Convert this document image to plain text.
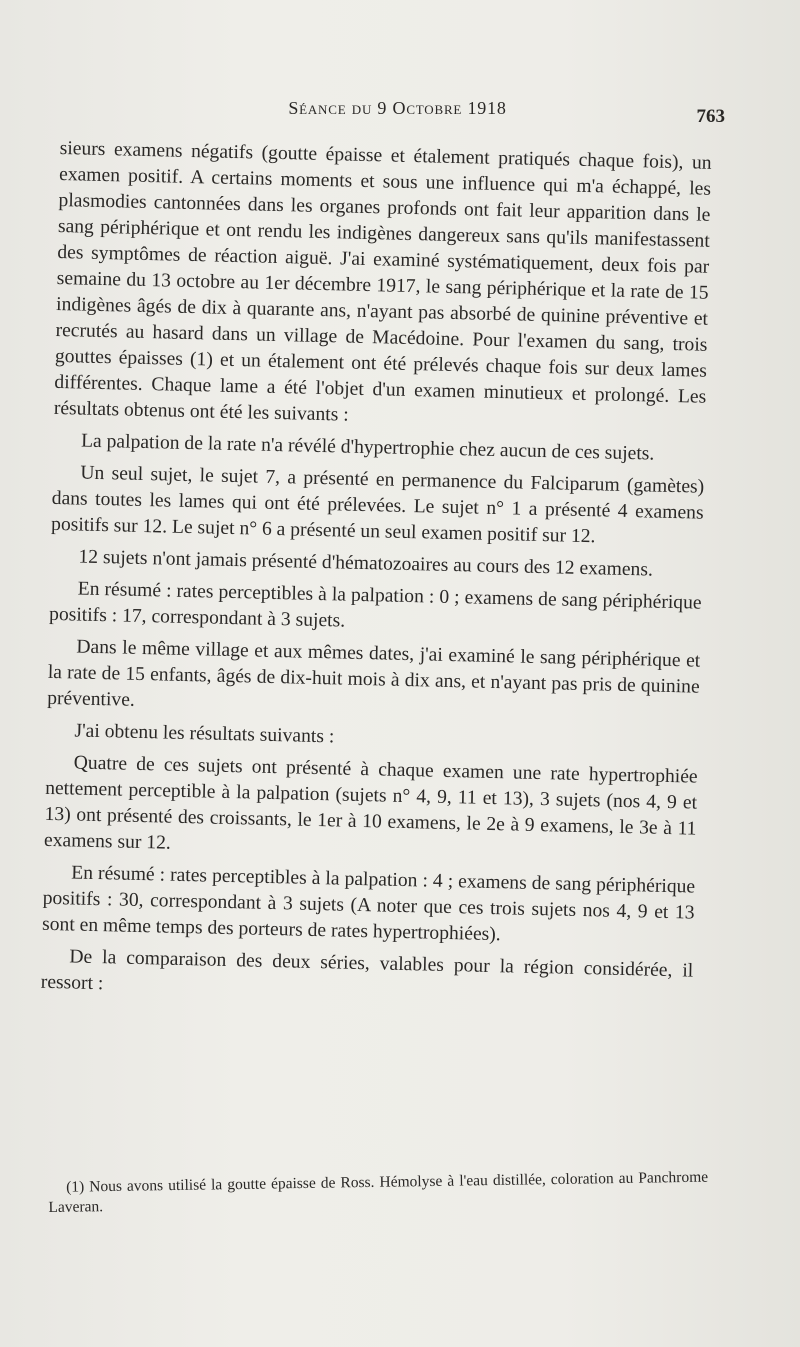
Séance du 9 Octobre 1918	763

sieurs examens négatifs (goutte épaisse et étalement pratiqués chaque fois), un examen positif. A certains moments et sous une influence qui m'a échappé, les plasmodies cantonnées dans les organes profonds ont fait leur apparition dans le sang périphérique et ont rendu les indigènes dangereux sans qu'ils manifestassent des symptômes de réaction aiguë. J'ai examiné systématiquement, deux fois par semaine du 13 octobre au 1er décembre 1917, le sang périphérique et la rate de 15 indigènes âgés de dix à quarante ans, n'ayant pas absorbé de quinine préventive et recrutés au hasard dans un village de Macédoine. Pour l'examen du sang, trois gouttes épaisses (1) et un étalement ont été prélevés chaque fois sur deux lames différentes. Chaque lame a été l'objet d'un examen minutieux et prolongé. Les résultats obtenus ont été les suivants :

La palpation de la rate n'a révélé d'hypertrophie chez aucun de ces sujets.

Un seul sujet, le sujet 7, a présenté en permanence du Falciparum (gamètes) dans toutes les lames qui ont été prélevées. Le sujet n° 1 a présenté 4 examens positifs sur 12. Le sujet n° 6 a présenté un seul examen positif sur 12.

12 sujets n'ont jamais présenté d'hématozoaires au cours des 12 examens.

En résumé : rates perceptibles à la palpation : 0 ; examens de sang périphérique positifs : 17, correspondant à 3 sujets.

Dans le même village et aux mêmes dates, j'ai examiné le sang périphérique et la rate de 15 enfants, âgés de dix-huit mois à dix ans, et n'ayant pas pris de quinine préventive.

J'ai obtenu les résultats suivants :

Quatre de ces sujets ont présenté à chaque examen une rate hypertrophiée nettement perceptible à la palpation (sujets n° 4, 9, 11 et 13), 3 sujets (nos 4, 9 et 13) ont présenté des croissants, le 1er à 10 examens, le 2e à 9 examens, le 3e à 11 examens sur 12.

En résumé : rates perceptibles à la palpation : 4 ; examens de sang périphérique positifs : 30, correspondant à 3 sujets (A noter que ces trois sujets nos 4, 9 et 13 sont en même temps des porteurs de rates hypertrophiées).

De la comparaison des deux séries, valables pour la région considérée, il ressort :

(1) Nous avons utilisé la goutte épaisse de Ross. Hémolyse à l'eau distillée, coloration au Panchrome Laveran.
